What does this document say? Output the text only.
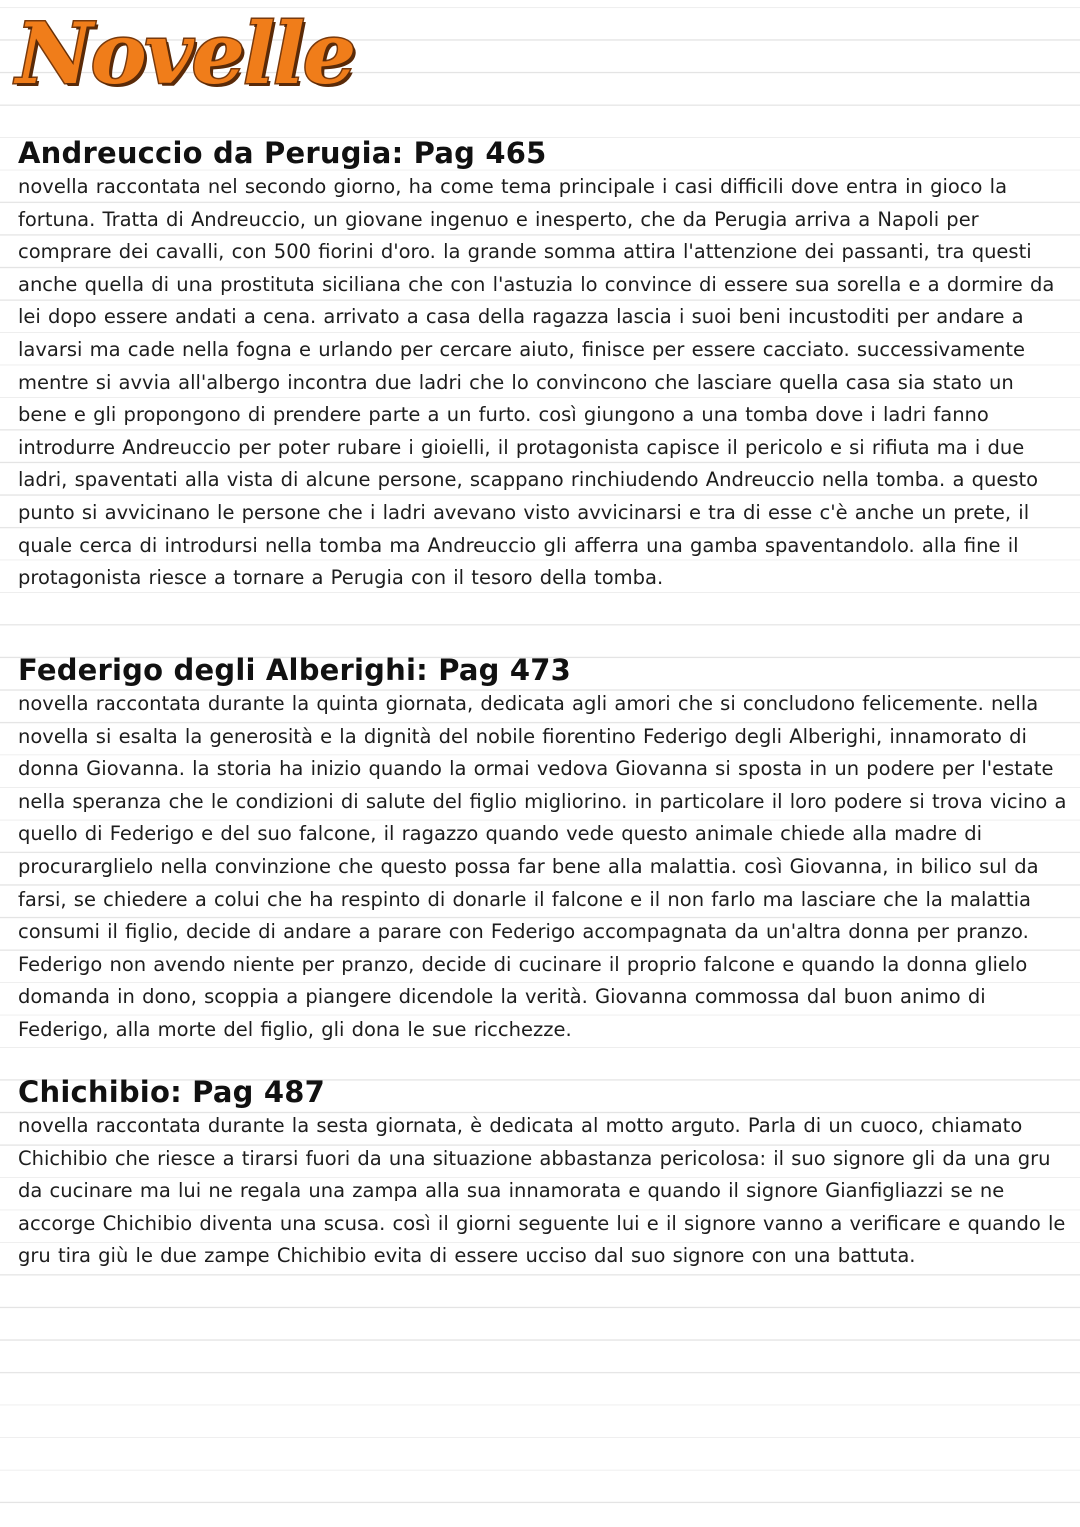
Novelle
Andreuccio da Perugia: Pag 465

novella raccontata nel secondo giorno, ha come tema principale i casi difficili dove entra in gioco la fortuna. Tratta di Andreuccio, un giovane ingenuo e inesperto, che da Perugia arriva a Napoli per comprare dei cavalli, con 500 fiorini d'oro. la grande somma attira l'attenzione dei passanti, tra questi anche quella di una prostituta siciliana che con l'astuzia lo convince di essere sua sorella e a dormire da lei dopo essere andati a cena. arrivato a casa della ragazza lascia i suoi beni incustoditi per andare a lavarsi ma cade nella fogna e urlando per cercare aiuto, finisce per essere cacciato. successivamente mentre si avvia all'albergo incontra due ladri che lo convincono che lasciare quella casa sia stato un bene e gli propongono di prendere parte a un furto. così giungono a una tomba dove i ladri fanno introdurre Andreuccio per poter rubare i gioielli, il protagonista capisce il pericolo e si rifiuta ma i due ladri, spaventati alla vista di alcune persone, scappano rinchiudendo Andreuccio nella tomba. a questo punto si avvicinano le persone che i ladri avevano visto avvicinarsi e tra di esse c'è anche un prete, il quale cerca di introdursi nella tomba ma Andreuccio gli afferra una gamba spaventandolo. alla fine il protagonista riesce a tornare a Perugia con il tesoro della tomba.

Federigo degli Alberighi: Pag 473

novella raccontata durante la quinta giornata, dedicata agli amori che si concludono felicemente. nella novella si esalta la generosità e la dignità del nobile fiorentino Federigo degli Alberighi, innamorato di donna Giovanna. la storia ha inizio quando la ormai vedova Giovanna si sposta in un podere per l'estate nella speranza che le condizioni di salute del figlio migliorino. in particolare il loro podere si trova vicino a quello di Federigo e del suo falcone, il ragazzo quando vede questo animale chiede alla madre di procurarglielo nella convinzione che questo possa far bene alla malattia. così Giovanna, in bilico sul da farsi, se chiedere a colui che ha respinto di donarle il falcone e il non farlo ma lasciare che la malattia consumi il figlio, decide di andare a parare con Federigo accompagnata da un'altra donna per pranzo. Federigo non avendo niente per pranzo, decide di cucinare il proprio falcone e quando la donna glielo domanda in dono, scoppia a piangere dicendole la verità. Giovanna commossa dal buon animo di Federigo, alla morte del figlio, gli dona le sue ricchezze.

Chichibio: Pag 487

novella raccontata durante la sesta giornata, è dedicata al motto arguto. Parla di un cuoco, chiamato Chichibio che riesce a tirarsi fuori da una situazione abbastanza pericolosa: il suo signore gli da una gru da cucinare ma lui ne regala una zampa alla sua innamorata e quando il signore Gianfigliazzi se ne accorge Chichibio diventa una scusa. così il giorni seguente lui e il signore vanno a verificare e quando le gru tira giù le due zampe Chichibio evita di essere ucciso dal suo signore con una battuta.
